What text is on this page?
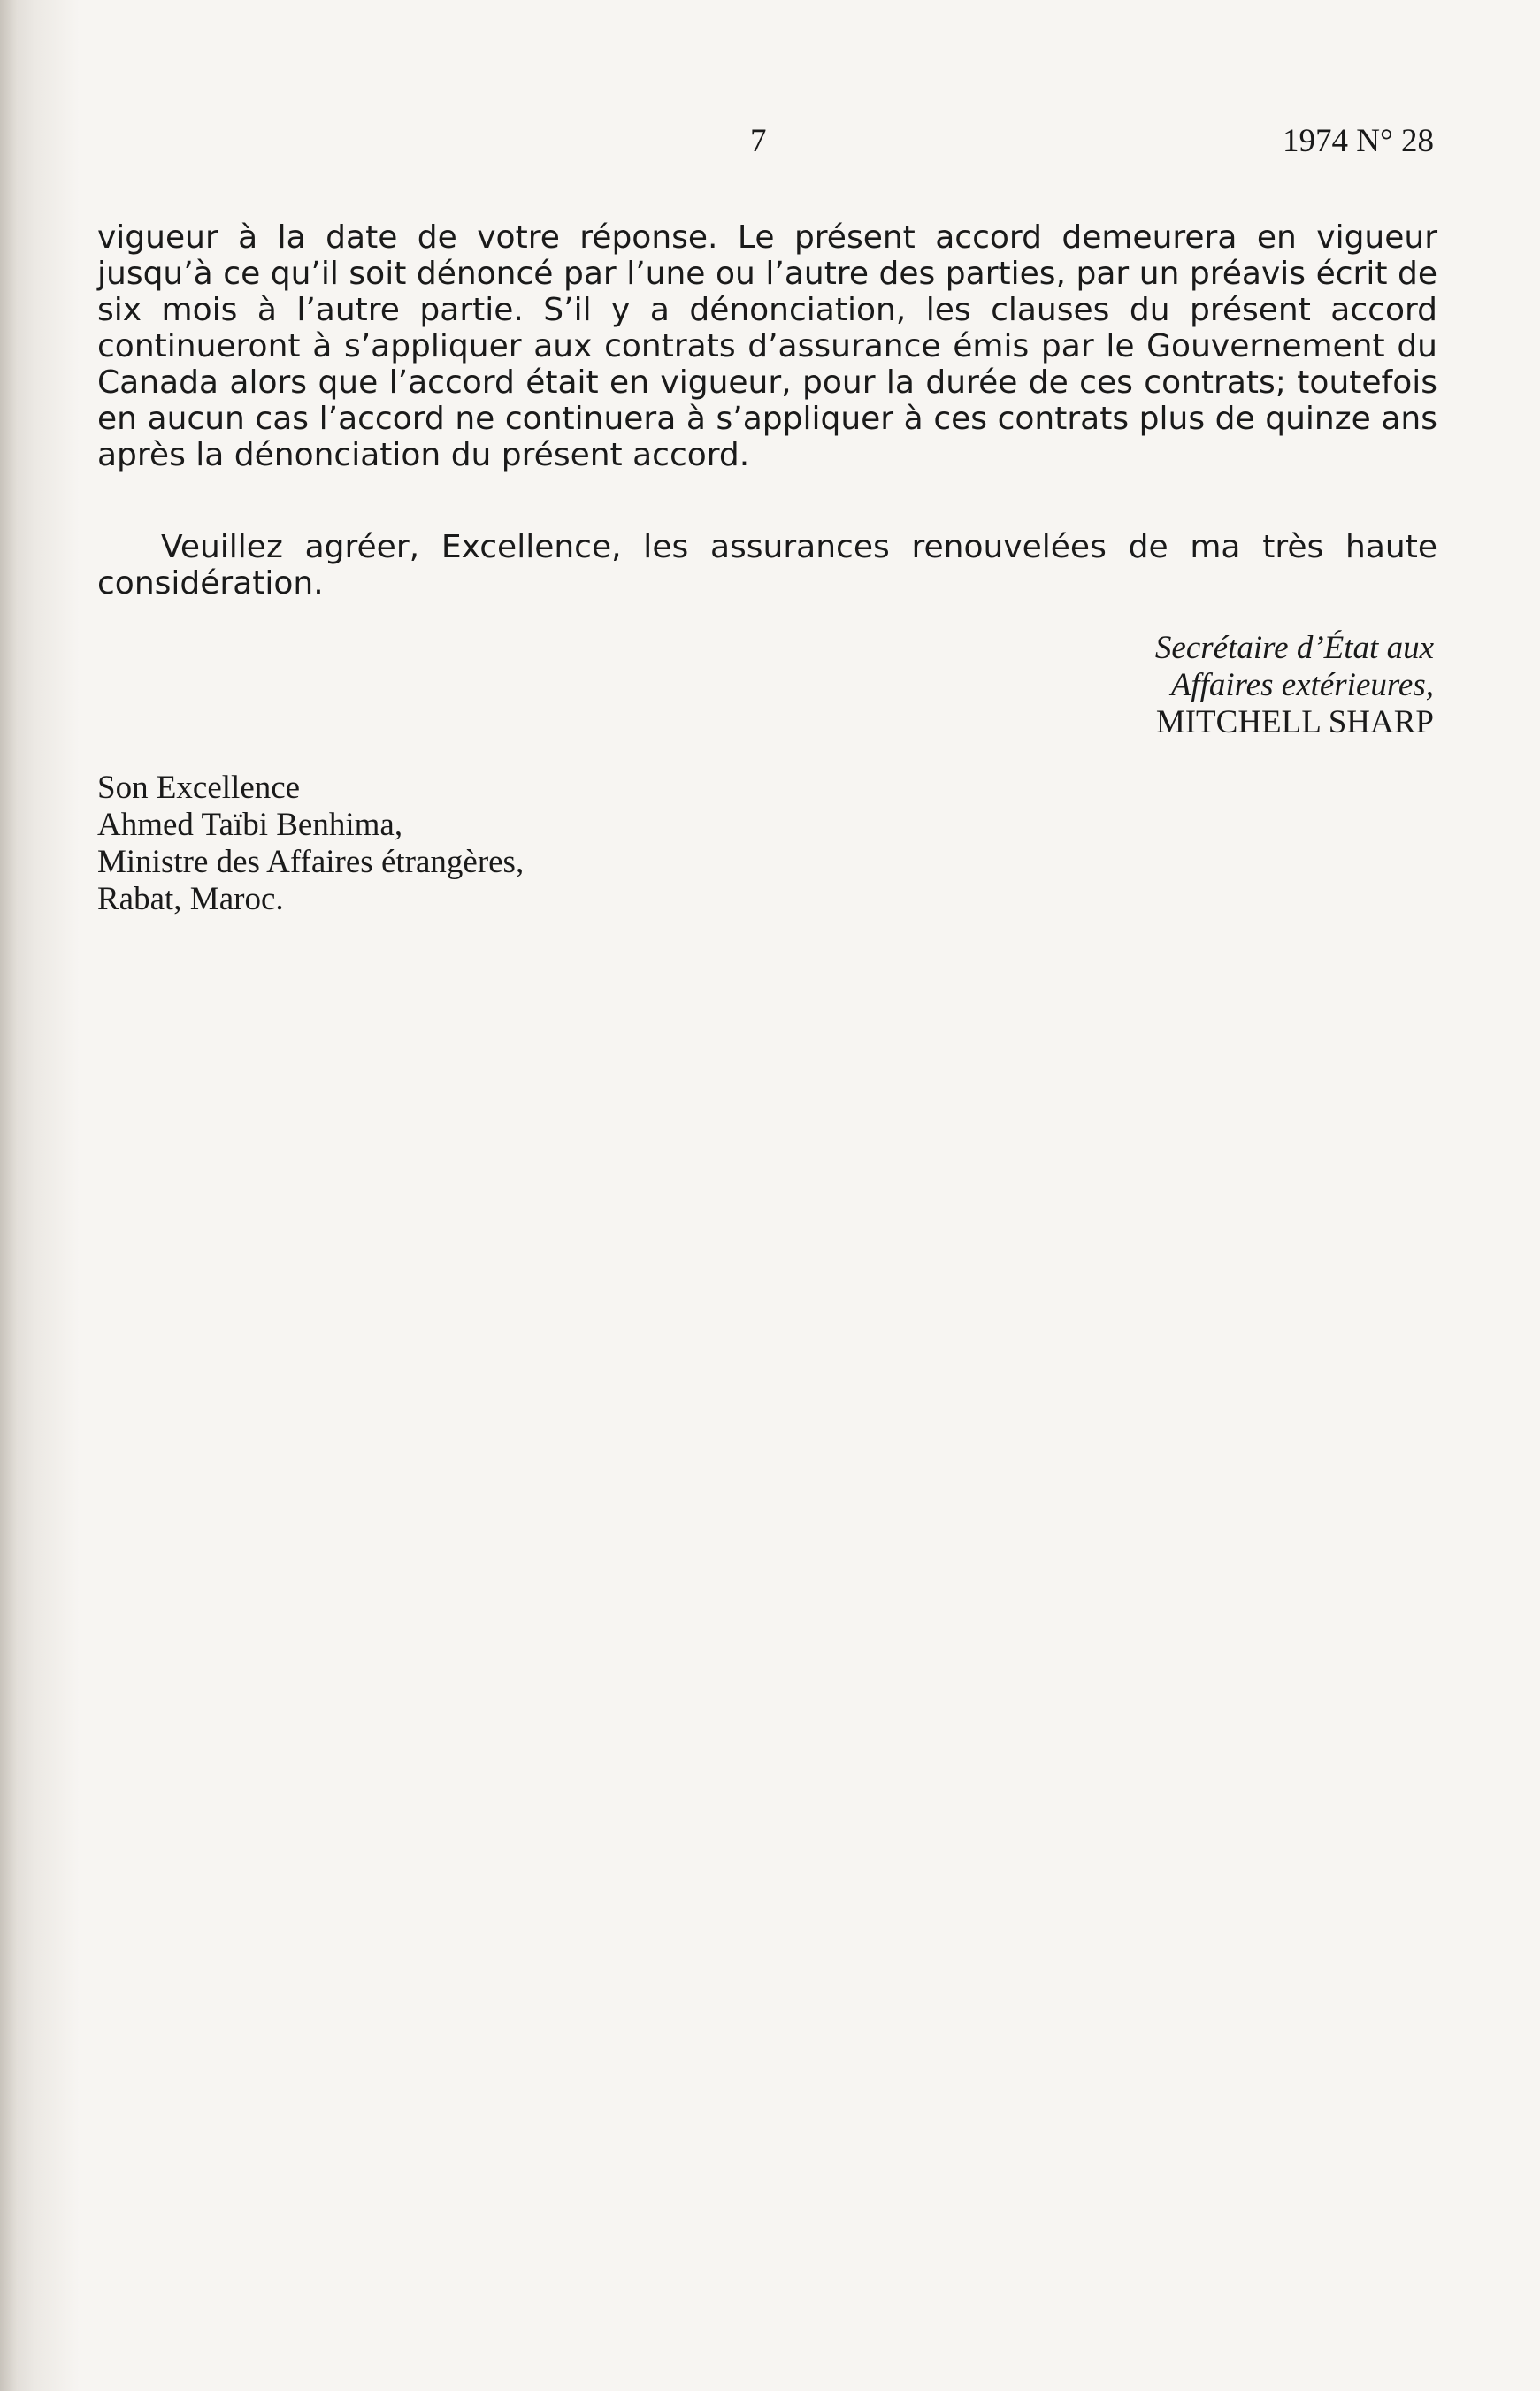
7	1974 N° 28

vigueur à la date de votre réponse. Le présent accord demeurera en vigueur jusqu’à ce qu’il soit dénoncé par l’une ou l’autre des parties, par un préavis écrit de six mois à l’autre partie. S’il y a dénonciation, les clauses du présent accord continueront à s’appliquer aux contrats d’assurance émis par le Gouvernement du Canada alors que l’accord était en vigueur, pour la durée de ces contrats; toutefois en aucun cas l’accord ne continuera à s’appliquer à ces contrats plus de quinze ans après la dénonciation du présent accord.

Veuillez agréer, Excellence, les assurances renouvelées de ma très haute considération.
Secrétaire d’État aux
Affaires extérieures,
MITCHELL SHARP
Son Excellence
Ahmed Taïbi Benhima,
Ministre des Affaires étrangères,
Rabat, Maroc.
